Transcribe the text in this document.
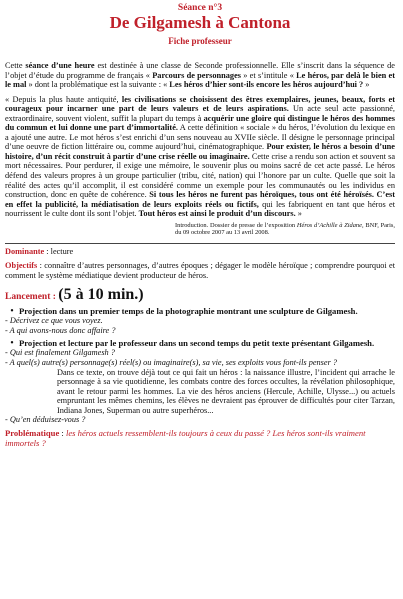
Séance n°3
De Gilgamesh à Cantona
Fiche professeur

Cette séance d’une heure est destinée à une classe de Seconde professionnelle. Elle s’inscrit dans la séquence de l’objet d’étude du programme de français « Parcours de personnages » et s’intitule « Le héros, par delà le bien et le mal » dont la problématique est la suivante : « Les héros d’hier sont-ils encore les héros aujourd’hui ? »

« Depuis la plus haute antiquité, les civilisations se choisissent des êtres exemplaires, jeunes, beaux, forts et courageux pour incarner une part de leurs valeurs et de leurs aspirations. Un acte seul acte passionné, extraordinaire, souvent violent, suffit la plupart du temps à acquérir une gloire qui distingue le héros des hommes du commun et lui donne une part d’immortalité. A cette définition « sociale » du héros, l’évolution du lexique en a ajouté une autre. Le mot héros s’est enrichi d’un sens nouveau au XVIIe siècle. Il désigne le personnage principal d’une oeuvre de fiction littéraire ou, comme aujourd’hui, cinématographique. Pour exister, le héros a besoin d’une histoire, d’un récit construit à partir d’une crise réelle ou imaginaire. Cette crise a rendu son action et souvent sa mort nécessaires. Pour perdurer, il exige une mémoire, le souvenir plus ou moins sacré de cet acte passé. Le héros défend des valeurs propres à un groupe particulier (tribu, cité, nation) qui l’honore par un culte. Quelle que soit la réalité des actes qu’il accomplit, il est considéré comme un exemple pour les communautés ou les individus en construction, donc en quête de cohérence. Si tous les héros ne furent pas héroïques, tous ont été héroïsés. C’est en effet la publicité, la médiatisation de leurs exploits réels ou fictifs, qui les fabriquent en tant que héros et nourrissent le culte dont ils sont l’objet. Tout héros est ainsi le produit d’un discours. »

Introduction. Dossier de presse de l’exposition Héros d’Achille à Zidane, BNF, Paris, du 09 octobre 2007 au 13 avril 2008.

Dominante : lecture

Objectifs : connaître d’autres personnages, d’autres époques ; dégager le modèle héroïque ; comprendre pourquoi et comment le système médiatique devient producteur de héros.

Lancement : (5 à 10 min.)
• Projection dans un premier temps de la photographie montrant une sculpture de Gilgamesh.
- Décrivez ce que vous voyez.
- A qui avons-nous donc affaire ?
• Projection et lecture par le professeur dans un second temps du petit texte présentant Gilgamesh.
- Qui est finalement Gilgamesh ?
- A quel(s) autre(s) personnage(s) réel(s) ou imaginaire(s), sa vie, ses exploits vous font-ils penser ?
Dans ce texte, on trouve déjà tout ce qui fait un héros : la naissance illustre, l’incident qui arrache le personnage à sa vie quotidienne, les combats contre des forces occultes, la révélation philosophique, avant le retour parmi les hommes. La vie des héros anciens (Hercule, Achille, Ulysse...) ou actuels empruntant les mêmes chemins, les élèves ne devraient pas éprouver de difficultés pour citer Tarzan, Indiana Jones, Superman ou autre superhéros...
- Qu’en déduisez-vous ?
Problématique : les héros actuels ressemblent-ils toujours à ceux du passé ? Les héros sont-ils vraiment immortels ?
